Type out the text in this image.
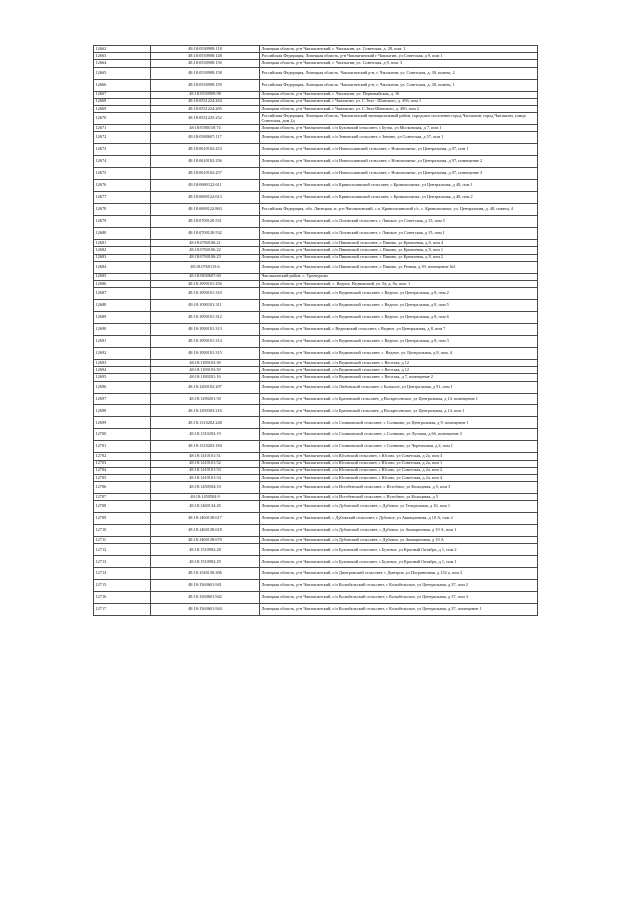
12662	48:18:0530908:118	Липецкая область, р-н Чаплыгинский, г. Чаплыгин, ул. Советская, д. 28, пом. 1
12663	48:18:0530908:148	Российская Федерация, Липецкая область, р-н Чаплыгинский г Чаплыгин, ул Советская, д 9, пом 1
12664	48:18:0530908:150	Липецкая область, р-н Чаплыгинский, г. Чаплыгин, ул. Советская, д 9, пом. 3
12665	48:18:0530908:158	Российская Федерация, Липецкая область. Чаплыгинский р-н, г. Чаплыгин, ул. Советская, д. 30, помещ. 2
12666	48:18:0530908:159	Российская Федерация, Липецкая область. Чаплыгинский р-н, г. Чаплыгин, ул. Советская, д. 30, помещ. 1
12667	48:18:0530909:98	Липецкая область, р-н Чаплыгинский, г. Чаплыгин, ул. Первомайская, д. 16
12668	48:18:0531224:264	Липецкая область, р-н Чаплыгинский, г Чаплыгин, ул. С.Тюп - Шанского, д. 49б, пом 1
12669	48:18:0531224:265	Липецкая область, р-н Чаплыгинский, г Чаплыгин, ул. С.Тюп-Шанского, д. 49б, пом 2
12670	48:18:0531225:252	Российская Федерация, Липецкая область, Чаплыгинский муниципальный район, городское поселение город Чаплыгин, город Чаплыгин, улица Советская, дом 2д
12671	48:18:0580118:74	Липецкая область, р-н Чаплыгинский, с/п Буховский сельсовет, с Буток, ул Московская, д 7, пом 1
12672	48:18:0580607:117	Липецкая область, р-н Чаплыгинский, с/п Зенинский сельсовет, с Зенино, ул Советская, д 57, пом 1
12673	48:18:0610102:253	Липецкая область, р-н Чаплыгинский, с/п Новополянский сельсовет, с Новополянье, ул Центральная, д 97, пом 1
12674	48:18:0610102:256	Липецкая область, р-н Чаплыгинский, с/п Новополянский сельсовет, с Новополянье, ул Центральная, д 97, помещение 2
12675	48:18:0610102:257	Липецкая область, р-н Чаплыгинский, с/п Новополянский сельсовет, с Новополянье, ул Центральная, д 97, помещение 3
12676	48:18:0680122:611	Липецкая область, р-н Чаплыгинский, с/п Кривополянский сельсовет, с Кривополянье, ул Центральная, д 48, пом 1
12677	48:18:0680122:613	Липецкая область, р-н Чаплыгинский, с/п Кривополянский сельсовет, с Кривополянье, ул Центральная, д 48, пом 2
12678	48:18:0680122:863	Российская Федерация, обл. Липецкая, м. р-н Чаплыгинский, с.п. Кривополянский с/с, с. Кривополянье, ул. Центральная, д. 48, помещ. 4
12679	48:18:0700120:531	Липецкая область, р-н Чаплыгинский, с/п Лозовский сельсовет, с Лавское, ул Советская, д 15, пом 5
12680	48:18:0700120:532	Липецкая область, р-н Чаплыгинский, с/п Лозовский сельсовет, с Лавское, ул Советская, д 15, пом 1
12681	48:18:0760106:21	Липецкая область, р-н Чаплыгинский, с/п Пиковский сельсовет, с Пиково, ул Кремлевая, д 8, пом 4
12682	48:18:0760106:22	Липецкая область, р-н Чаплыгинский, с/п Пиковский сельсовет, с Пиково, ул Кремлевая, д 8, пом 1
12683	48:18:0760106:23	Липецкая область, р-н Чаплыгинский, с/п Пиковский сельсовет, с Пиково, ул Кремлевая, д 8, пом 2
12684	48:18:0760115:6	Липецкая область, р-н Чаплыгинский, с/п Пиковский сельсовет, с Пиково, ул Речная, д 39, помещение №1
12685	48:18:0830607:60	Чаплыгинский район, с. Троекурово
12686	48:18:1090101:256	Липецкая область, р-н Чаплыгинский, с. Ведное, Ведновский, ул. 9у, д. 8а, пом. 1
12687	48:18:1090101:310	Липецкая область, р-н Чаплыгинский, с/п Ведновский сельсовет, с Ведное, ул Центральная, д 8, пом 2
12688	48:18:1090101:311	Липецкая область, р-н Чаплыгинский, с/п Ведновский сельсовет, с Ведное, ул Центральная, д 8, пом 5
12689	48:18:1090101:312	Липецкая область, р-н Чаплыгинский, с/п Ведновский сельсовет, с Ведное, ул Центральная, д 8, пом 6
12690	48:18:1090101:313	Липецкая область, р-н Чаплыгинский, с Ведновский сельсовет, с Ведное, ул Центральная, д 8, пом 7
12691	48:18:1090101:314	Липецкая область, р-н Чаплыгинский, с/п Ведновский сельсовет, с Ведное, ул Центральная, д 8, пом 3
12692	48:18:1090101:315	Липецкая область, р-н Чаплыгинский, с/п Ведновский сельсовет, с. Ведное, ул. Центральная, д 8, пом. 4
12693	48:18:1180103:38	Липецкая область, р-н Чаплыгинский, с/п Ведновский сельсовет, с Веселая, д 12
12694	48:18:1180103:39	Липецкая область, р-н Чаплыгинский, с/п Ведновский сельсовет, с Веселая, д 12
12695	48:18:1180201:16	Липецкая область, р-н Чаплыгинский, с/п Ведновский сельсовет, с Веселая, д 7, помещение 2
12696	48:18:1260102:207	Липецкая область, р-н Чаплыгинский, с/п Любовский сельсовет, с Большое, ул Центральная, д 91, пом 1
12697	48:18:1290201:50	Липецкая область, р-н Чаплыгинский, с/п Братовский сельсовет, д Воскресенское, ул Центральная, д 14, помещение 1
12698	48:18:1290303:216	Липецкая область, р-н Чаплыгинский, с/п Братовский сельсовет, д Воскресенское, ул Центральная, д 14, пом 1
12699	48:18:1310202:248	Липецкая область, р-н Чаплыгинский, с/п Солнковский сельсовет, с Солнково, ул Центральная, д 9, помещение 1
12700	48:18:1310203:19	Липецкая область, р-н Чаплыгинский, с/п Солнковский сельсовет, с Солнково, ул Луговая, д 6б, помещение 2
12701	48:18:1310203:184	Липецкая область, р-н Чаплыгинский, с/п Солнковский сельсовет, с Солнково, ул Черемховая, д 2, пом 1
12702	48:18:1410101:51	Липецкая область, р-н Чаплыгинский, с/п Юсовский сельсовет, с Юсово, ул Советская, д 2а, пом 3
12703	48:18:1410101:52	Липецкая область, р-н Чаплыгинский, с/п Юсовский сельсовет, с Юсово, ул Советская, д 2а, пом 1
12704	48:18:1410101:53	Липецкая область, р-н Чаплыгинский, с/п Юсовский сельсовет, с Юсово, ул Советская, д 2а, пом 2
12705	48:18:1410101:54	Липецкая область, р-н Чаплыгинский, с/п Юсовский сельсовет, с Юсово, ул Советская, д 2а, пом 4
12706	48:18:1450504:10	Липецкая область, р-н Чаплыгинский, с/п Истобенский сельсовет, с Истобное, ул Кольцевая, д 5, пом 3
12707	48:18:1450504:9	Липецкая область, р-н Чаплыгинский, с/п Истобенский сельсовет, с Истобное, ул Кольцевая, д 5
12708	48:18:1460134:45	Липецкая область, р-н Чаплыгинский, с/п Дубовский сельсовет, с Дубовое, ул Театральная, д 16, пом 1
12709	48:18:1460138:617	Липецкая область, р-н Чаплыгинский, с Дубовский сельсовет, с Дубовое, ул Авиационная, д 10 А, пом 2
12710	48:18:1460138:618	Липецкая область, р-н Чаплыгинский, с/п Дубовский сельсовет, с Дубовое, ул Авиационная, д 10 А, пом 1
12711	48:18:1460138:670	Липецкая область, р-н Чаплыгинский, с/п Дубовский сельсовет, с Дубовое, ул Авиационная, д 10 А
12712	48:18:1510902:28	Липецкая область, р-н Чаплыгинский, с/п Буховский сельсовет, с Буховое, ул Красный Октябрь, д 1, пом 2
12713	48:18:1510902:29	Липецкая область, р-н Чаплыгинский, с/п Буховский сельсовет, с Буховое, ул Красный Октябрь, д 1, пом 1
12714	48:18:1540130:306	Липецкая область, р-н Чаплыгинский, с/п Дмитровский сельсовет, с Дмитров, ул Пограничная, д 152 а, пом 2
12715	48:18:1560601:941	Липецкая область, р-н Чаплыгинский, с/п Колыбельский сельсовет, с Колыбельское, ул Центральная, д 37, пом 2
12716	48:18:1560601:942	Липецкая область, р-н Чаплыгинский, с/п Колыбельский сельсовет, с Колыбельское, ул Центральная, д 37, пом 3
12717	48:18:1560601:944	Липецкая область, р-н Чаплыгинский, с/п Колыбельский сельсовет, с Колыбельское, ул Центральная, д 37, помещение 1
